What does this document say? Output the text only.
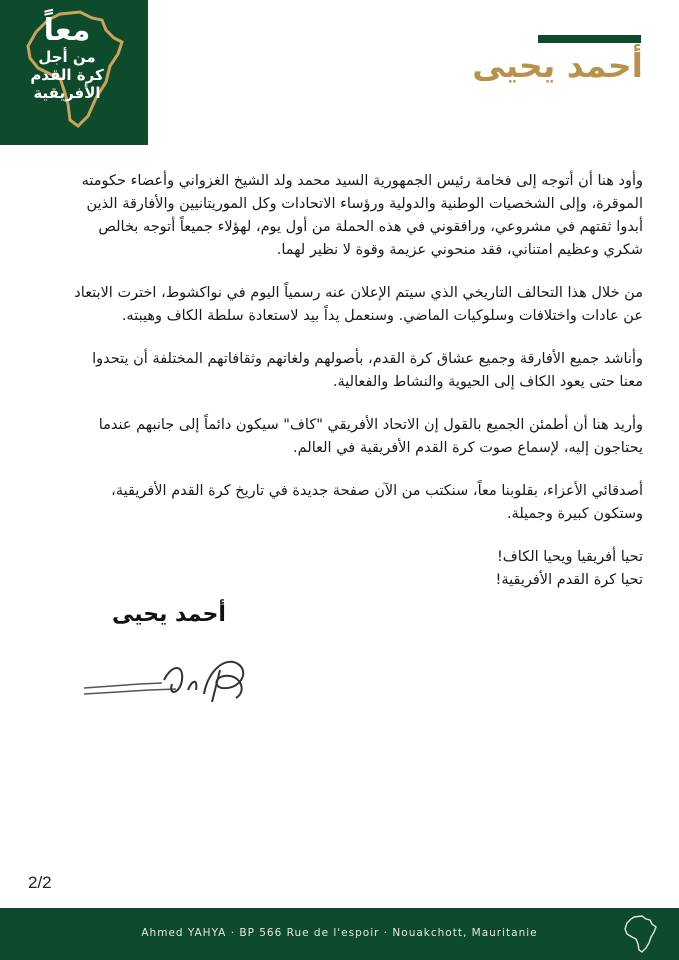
معاً
من أجل
كرة القدم
الأفريقية
أحمد يحيى

وأود هنا أن أتوجه إلى فخامة رئيس الجمهورية السيد محمد ولد الشيخ الغزواني وأعضاء حكومته الموقرة، وإلى الشخصيات الوطنية والدولية ورؤساء الاتحادات وكل الموريتانيين والأفارقة الذين أبدوا ثقتهم في مشروعي، ورافقوني في هذه الحملة من أول يوم، لهؤلاء جميعاً أتوجه بخالص شكري وعظيم امتناني، فقد منحوني عزيمة وقوة لا نظير لهما.

من خلال هذا التحالف التاريخي الذي سيتم الإعلان عنه رسمياً اليوم في نواكشوط، اخترت الابتعاد عن عادات واختلافات وسلوكيات الماضي. وسنعمل يداً بيد لاستعادة سلطة الكاف وهيبته.

وأناشد جميع الأفارقة وجميع عشاق كرة القدم، بأصولهم ولغاتهم وثقافاتهم المختلفة أن يتحدوا معنا حتى يعود الكاف إلى الحيوية والنشاط والفعالية.

وأريد هنا أن أطمئن الجميع بالقول إن الاتحاد الأفريقي "كاف" سيكون دائماً إلى جانبهم عندما يحتاجون إليه، لإسماع صوت كرة القدم الأفريقية في العالم.

أصدقائي الأعزاء، بقلوبنا معاً، سنكتب من الآن صفحة جديدة في تاريخ كرة القدم الأفريقية، وستكون كبيرة وجميلة.

تحيا أفريقيا ويحيا الكاف!
تحيا كرة القدم الأفريقية!
أحمد يحيى
2/2
Ahmed YAHYA · BP 566 Rue de l'espoir · Nouakchott, Mauritanie
